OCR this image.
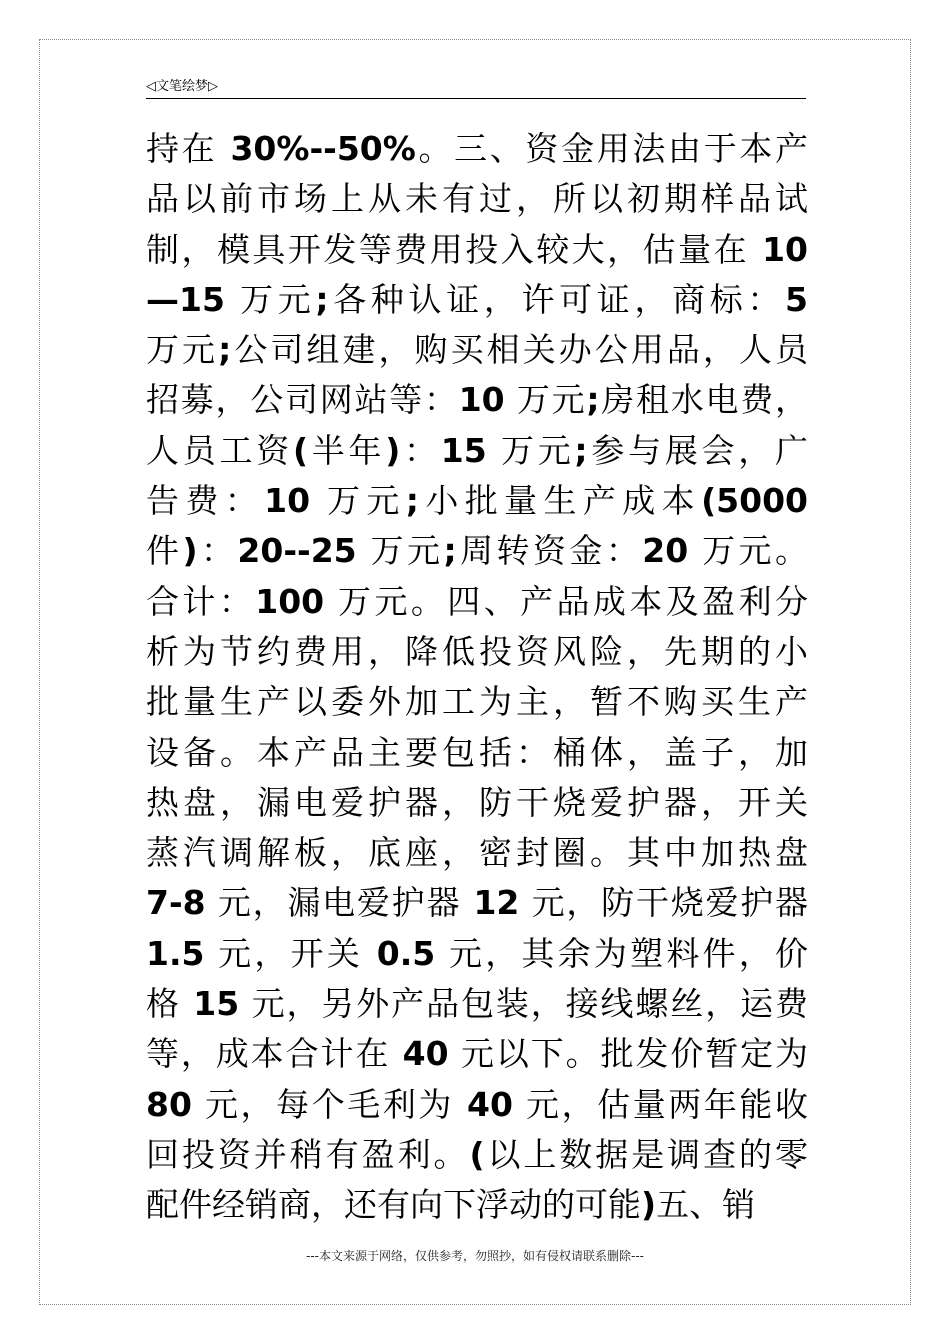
◁文笔绘梦▷
持在 30%--50%。三、资金用法由于本产
品以前市场上从未有过，所以初期样品试
制，模具开发等费用投入较大，估量在 10
—15 万元;各种认证，许可证，商标：5
万元;公司组建，购买相关办公用品，人员
招募，公司网站等：10 万元;房租水电费，
人员工资(半年)：15 万元;参与展会，广
告费：10 万元;小批量生产成本(5000
件)：20--25 万元;周转资金：20 万元。
合计：100 万元。四、产品成本及盈利分
析为节约费用，降低投资风险，先期的小
批量生产以委外加工为主，暂不购买生产
设备。本产品主要包括：桶体，盖子，加
热盘，漏电爱护器，防干烧爱护器，开关
蒸汽调解板，底座，密封圈。其中加热盘
7-8 元，漏电爱护器 12 元，防干烧爱护器
1.5 元，开关 0.5 元，其余为塑料件，价
格 15 元，另外产品包装，接线螺丝，运费
等，成本合计在 40 元以下。批发价暂定为
80 元，每个毛利为 40 元，估量两年能收
回投资并稍有盈利。(以上数据是调查的零
配件经销商，还有向下浮动的可能)五、销
---本文来源于网络，仅供参考，勿照抄，如有侵权请联系删除---
